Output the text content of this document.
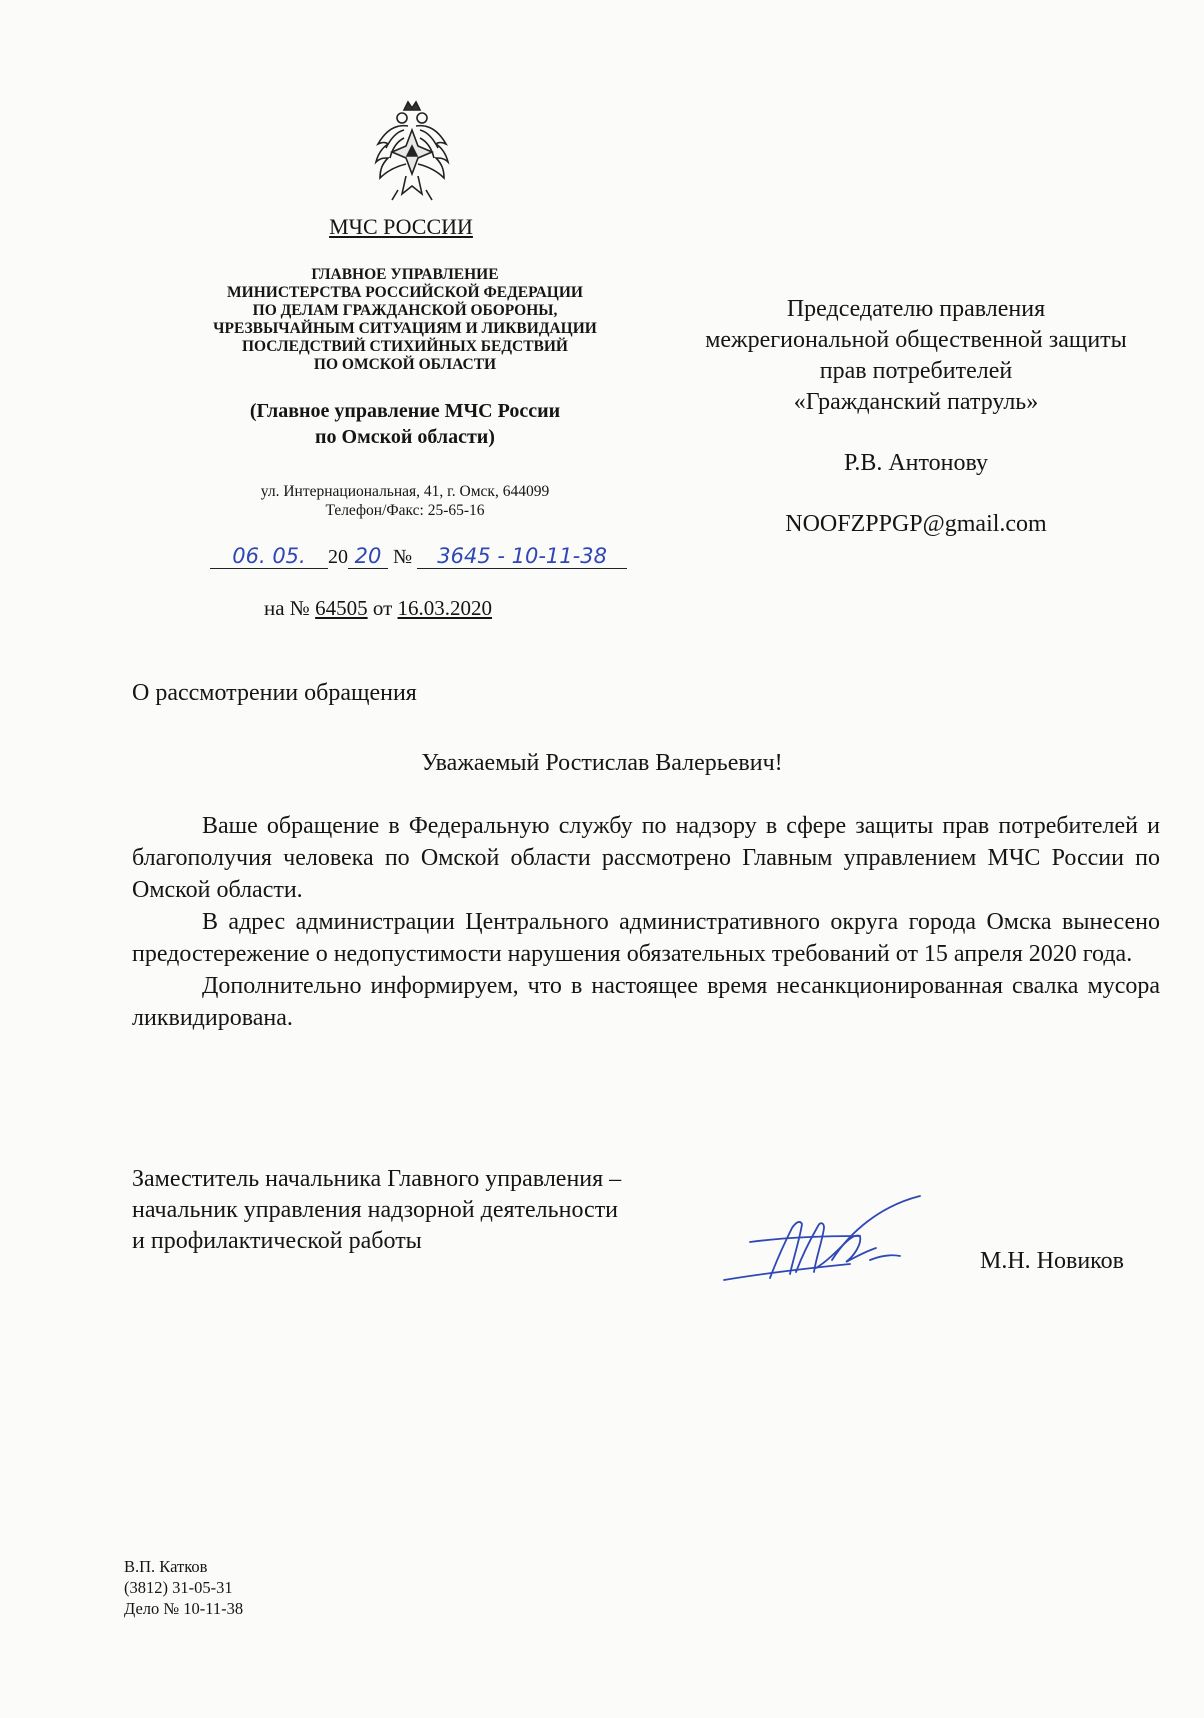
МЧС РОССИИ
ГЛАВНОЕ УПРАВЛЕНИЕ
МИНИСТЕРСТВА РОССИЙСКОЙ ФЕДЕРАЦИИ
ПО ДЕЛАМ ГРАЖДАНСКОЙ ОБОРОНЫ,
ЧРЕЗВЫЧАЙНЫМ СИТУАЦИЯМ И ЛИКВИДАЦИИ
ПОСЛЕДСТВИЙ СТИХИЙНЫХ БЕДСТВИЙ
ПО ОМСКОЙ ОБЛАСТИ
(Главное управление МЧС России
по Омской области)
ул. Интернациональная, 41, г. Омск, 644099
Телефон/Факс: 25-65-16
06. 05. 20 20 № 3645 - 10-11-38
на № 64505 от 16.03.2020
Председателю правления
межрегиональной общественной защиты
прав потребителей
«Гражданский патруль»
Р.В. Антонову
NOOFZPPGP@gmail.com
О рассмотрении обращения
Уважаемый Ростислав Валерьевич!

Ваше обращение в Федеральную службу по надзору в сфере защиты прав потребителей и благополучия человека по Омской области рассмотрено Главным управлением МЧС России по Омской области.

В адрес администрации Центрального административного округа города Омска вынесено предостережение о недопустимости нарушения обязательных требований от 15 апреля 2020 года.

Дополнительно информируем, что в настоящее время несанкционированная свалка мусора ликвидирована.

Заместитель начальника Главного управления –
начальник управления надзорной деятельности
и профилактической работы
М.Н. Новиков
В.П. Катков
(3812) 31-05-31
Дело № 10-11-38
